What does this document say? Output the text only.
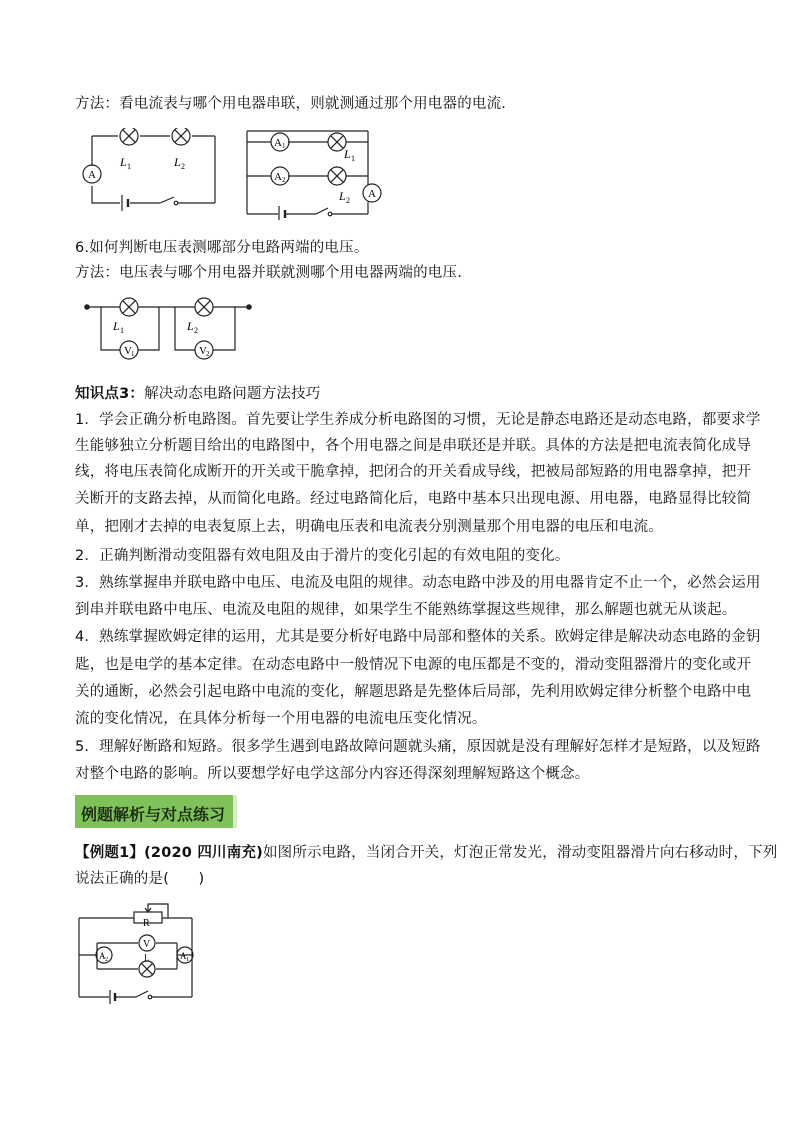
方法：看电流表与哪个用电器串联，则就测通过那个用电器的电流.
A
L 1	L 2
A 1
A 2
A
L 1
L 2
6.如何判断电压表测哪部分电路两端的电压。
方法：电压表与哪个用电器并联就测哪个用电器两端的电压.
L 1	L 2
V 1	V 2
知识点3：解决动态电路问题方法技巧
1．学会正确分析电路图。首先要让学生养成分析电路图的习惯，无论是静态电路还是动态电路，都要求学
生能够独立分析题目给出的电路图中，各个用电器之间是串联还是并联。具体的方法是把电流表简化成导
线，将电压表简化成断开的开关或干脆拿掉，把闭合的开关看成导线，把被局部短路的用电器拿掉，把开
关断开的支路去掉，从而简化电路。经过电路简化后，电路中基本只出现电源、用电器，电路显得比较简
单，把刚才去掉的电表复原上去，明确电压表和电流表分别测量那个用电器的电压和电流。
2．正确判断滑动变阻器有效电阻及由于滑片的变化引起的有效电阻的变化。
3．熟练掌握串并联电路中电压、电流及电阻的规律。动态电路中涉及的用电器肯定不止一个，必然会运用
到串并联电路中电压、电流及电阻的规律，如果学生不能熟练掌握这些规律，那么解题也就无从谈起。
4．熟练掌握欧姆定律的运用，尤其是要分析好电路中局部和整体的关系。欧姆定律是解决动态电路的金钥
匙，也是电学的基本定律。在动态电路中一般情况下电源的电压都是不变的，滑动变阻器滑片的变化或开
关的通断，必然会引起电路中电流的变化，解题思路是先整体后局部，先利用欧姆定律分析整个电路中电
流的变化情况，在具体分析每一个用电器的电流电压变化情况。
5．理解好断路和短路。很多学生遇到电路故障问题就头痛，原因就是没有理解好怎样才是短路，以及短路
对整个电路的影响。所以要想学好电学这部分内容还得深刻理解短路这个概念。
例题解析与对点练习
【例题1】(2020 四川南充)如图所示电路，当闭合开关，灯泡正常发光，滑动变阻器滑片向右移动时，下列
说法正确的是(　　)
R
V
L
A 2	A 1
